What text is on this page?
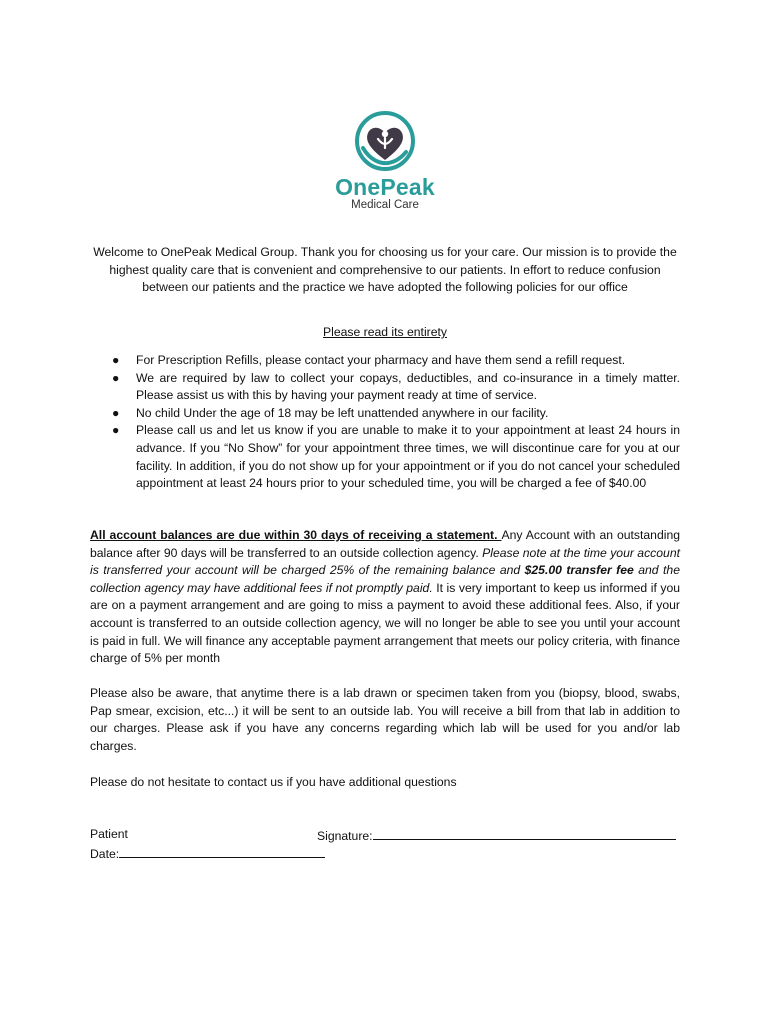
OnePeak
Medical Care
Welcome to OnePeak Medical Group. Thank you for choosing us for your care. Our mission is to provide the highest quality care that is convenient and comprehensive to our patients. In effort to reduce confusion between our patients and the practice we have adopted the following policies for our office
Please read its entirety
● For Prescription Refills, please contact your pharmacy and have them send a refill request.
● We are required by law to collect your copays, deductibles, and co-insurance in a timely matter. Please assist us with this by having your payment ready at time of service.
● No child Under the age of 18 may be left unattended anywhere in our facility.
● Please call us and let us know if you are unable to make it to your appointment at least 24 hours in advance. If you “No Show” for your appointment three times, we will discontinue care for you at our facility. In addition, if you do not show up for your appointment or if you do not cancel your scheduled appointment at least 24 hours prior to your scheduled time, you will be charged a fee of $40.00

All account balances are due within 30 days of receiving a statement. Any Account with an outstanding balance after 90 days will be transferred to an outside collection agency. Please note at the time your account is transferred your account will be charged 25% of the remaining balance and $25.00 transfer fee and the collection agency may have additional fees if not promptly paid. It is very important to keep us informed if you are on a payment arrangement and are going to miss a payment to avoid these additional fees. Also, if your account is transferred to an outside collection agency, we will no longer be able to see you until your account is paid in full. We will finance any acceptable payment arrangement that meets our policy criteria, with finance charge of 5% per month

Please also be aware, that anytime there is a lab drawn or specimen taken from you (biopsy, blood, swabs, Pap smear, excision, etc...) it will be sent to an outside lab. You will receive a bill from that lab in addition to our charges. Please ask if you have any concerns regarding which lab will be used for you and/or lab charges.

Please do not hesitate to contact us if you have additional questions

Patient	Signature:
Date:
